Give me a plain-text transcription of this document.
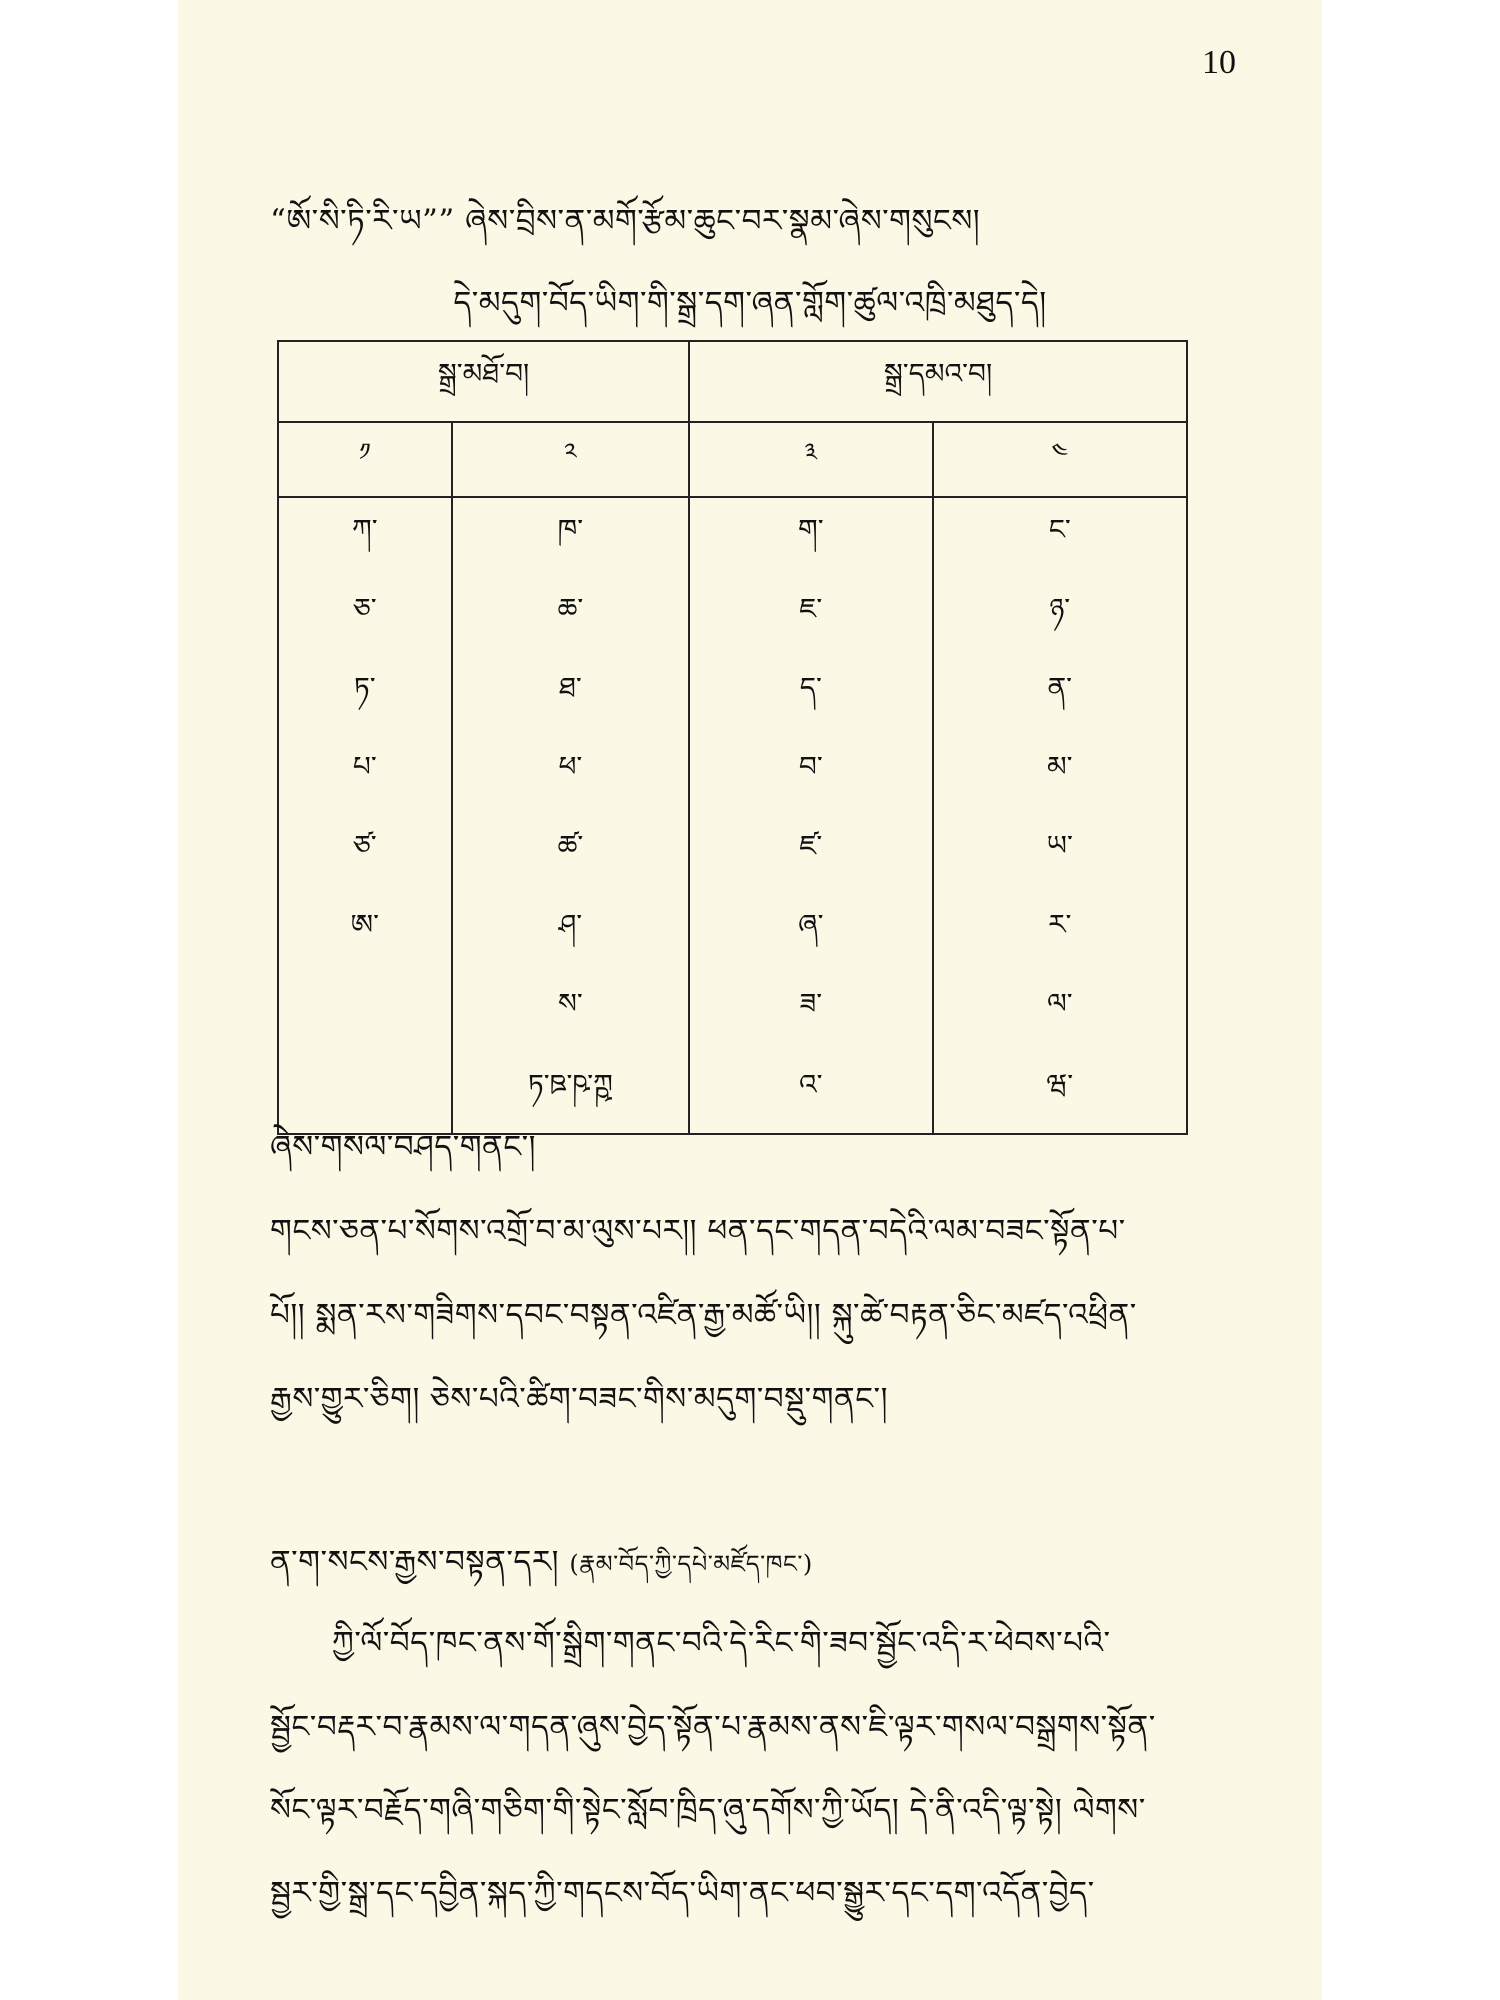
10
“ཨོ་སི་ཏི་རི་ཡ”” ཞེས་བྲིས་ན་མགོ་རྩོམ་ཆུང་བར་སྣམ་ཞེས་གསུངས།
དེ་མདུག་བོད་ཡིག་གི་སྒྲ་དག་ཞན་གློག་ཚུལ་འཁྲི་མཐུད་དེ།
སྒྲ་མཐོ་བ།		སྒྲ་དམའ་བ།	
༡	༢	༣	༤
ཀ་	ཁ་	ག་	ང་
ཅ་	ཆ་	ཇ་	ཉ་
ཏ་	ཐ་	ད་	ན་
པ་	ཕ་	བ་	མ་
ཙ་	ཚ་	ཛ་	ཡ་
ཨ་	ཤ་	ཞ་	ར་
	ས་	ཟ་	ལ་
	ཏ་ཋ་ཥ་ཀྵ	འ་	ཝ་
ཞེས་གསལ་བཤད་གནང་།
གངས་ཅན་པ་སོགས་འགྲོ་བ་མ་ལུས་པར།། ཕན་དང་གདན་བདེའི་ལམ་བཟང་སྟོན་པ་
པོ།། སྨན་རས་གཟིགས་དབང་བསྟན་འཛིན་རྒྱ་མཚོ་ཡི།། སྐུ་ཚེ་བརྟན་ཅིང་མཛད་འཕྲིན་
རྒྱས་གྱུར་ཅིག། ཅེས་པའི་ཚིག་བཟང་གིས་མདུག་བསྡུ་གནང་།
ན་ག་སངས་རྒྱས་བསྟན་དར། (རྣམ་བོད་ཀྱི་དཔེ་མཛོད་ཁང་)
ཀྱི་ལོ་བོད་ཁང་ནས་གོ་སྒྲིག་གནང་བའི་དེ་རིང་གི་ཟབ་སྦྱོང་འདི་ར་ཕེབས་པའི་
སྦྱོང་བརྡར་བ་རྣམས་ལ་གདན་ཞུས་བྱེད་སྟོན་པ་རྣམས་ནས་ཇི་ལྟར་གསལ་བསྒྲགས་སྟོན་
སོང་ལྟར་བརྗོད་གཞི་གཅིག་གི་སྟེང་སློབ་ཁྲིད་ཞུ་དགོས་ཀྱི་ཡོད། དེ་ནི་འདི་ལྟ་སྟེ། ལེགས་
སྦྱར་གྱི་སྒྲ་དང་དབྱིན་སྐད་ཀྱི་གདངས་བོད་ཡིག་ནང་ཕབ་སྒྱུར་དང་དག་འདོན་བྱེད་
